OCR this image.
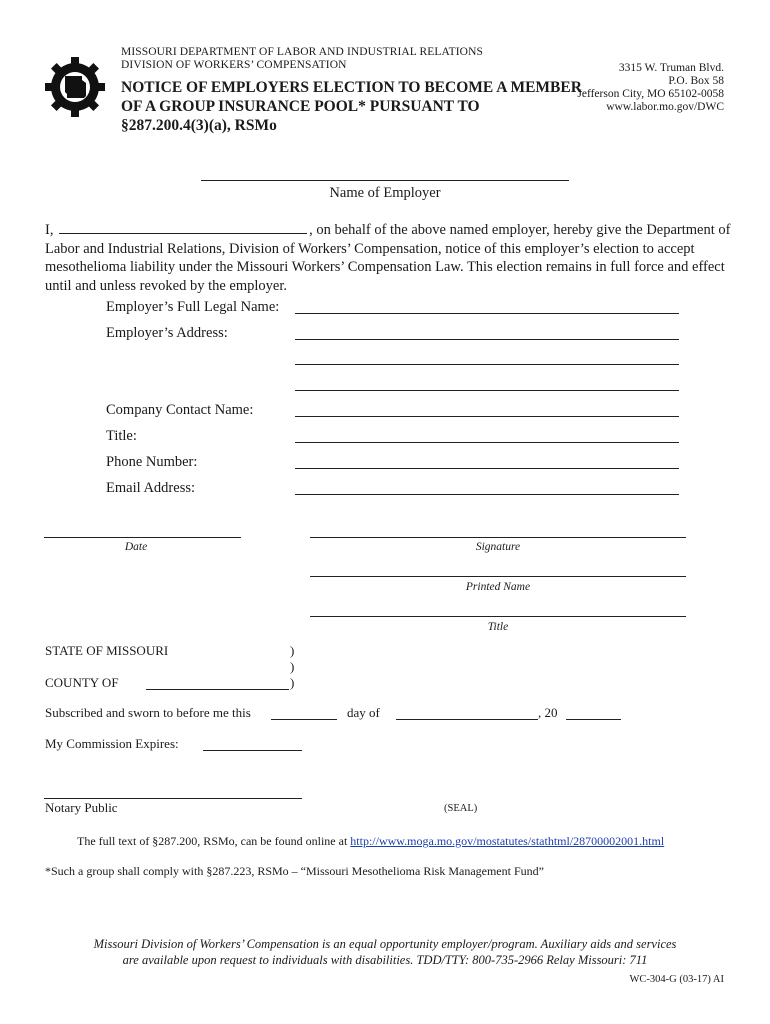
MISSOURI DEPARTMENT OF LABOR AND INDUSTRIAL RELATIONS
DIVISION OF WORKERS’ COMPENSATION
NOTICE OF EMPLOYERS ELECTION TO BECOME A MEMBER
OF A GROUP INSURANCE POOL* PURSUANT TO
§287.200.4(3)(a), RSMo
3315 W. Truman Blvd.
P.O. Box 58
Jefferson City, MO 65102-0058
www.labor.mo.gov/DWC
Name of Employer
I,	, on behalf of the above named employer, hereby give the Department of Labor and Industrial Relations, Division of Workers’ Compensation, notice of this employer’s election to accept mesothelioma liability under the Missouri Workers’ Compensation Law. This election remains in full force and effect until and unless revoked by the employer.
Employer’s Full Legal Name:
Employer’s Address:
Company Contact Name:
Title:
Phone Number:
Email Address:
Date	Signature
Printed Name
Title
STATE OF MISSOURI	)
)
COUNTY OF	)
Subscribed and sworn to before me this	day of	, 20
My Commission Expires:
Notary Public	(SEAL)
The full text of §287.200, RSMo, can be found online at http://www.moga.mo.gov/mostatutes/stathtml/28700002001.html
*Such a group shall comply with §287.223, RSMo – “Missouri Mesothelioma Risk Management Fund”
Missouri Division of Workers’ Compensation is an equal opportunity employer/program. Auxiliary aids and services
are available upon request to individuals with disabilities. TDD/TTY: 800-735-2966 Relay Missouri: 711
WC-304-G (03-17) AI
